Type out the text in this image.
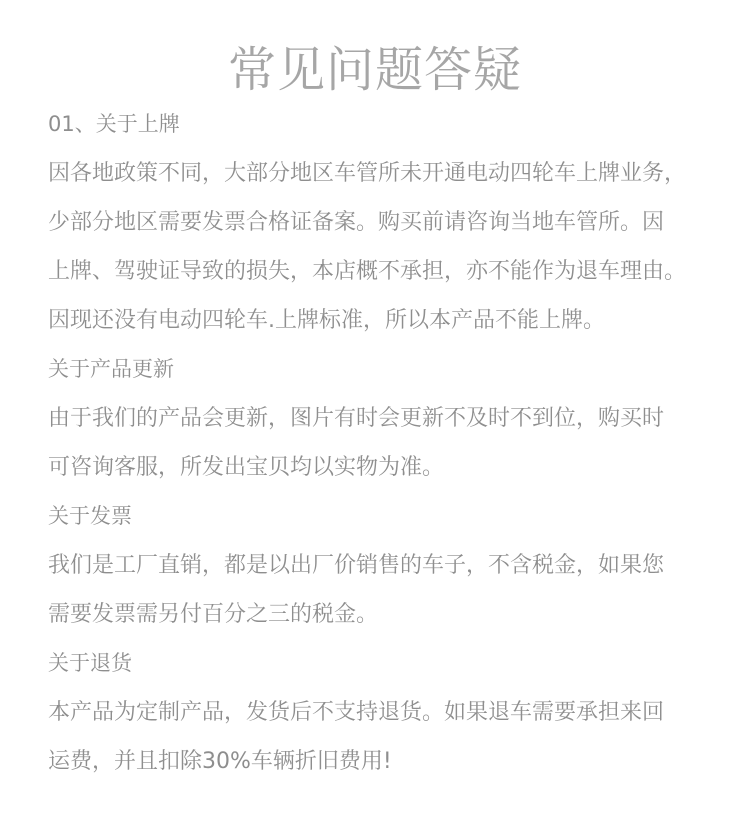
常见问题答疑
01、关于上牌
因各地政策不同，大部分地区车管所未开通电动四轮车上牌业务，
少部分地区需要发票合格证备案。购买前请咨询当地车管所。因
上牌、驾驶证导致的损失，本店概不承担，亦不能作为退车理由。
因现还没有电动四轮车.上牌标准，所以本产品不能上牌。
关于产品更新
由于我们的产品会更新，图片有时会更新不及时不到位，购买时
可咨询客服，所发出宝贝均以实物为准。
关于发票
我们是工厂直销，都是以出厂价销售的车子，不含税金，如果您
需要发票需另付百分之三的税金。
关于退货
本产品为定制产品，发货后不支持退货。如果退车需要承担来回
运费，并且扣除30%车辆折旧费用!
